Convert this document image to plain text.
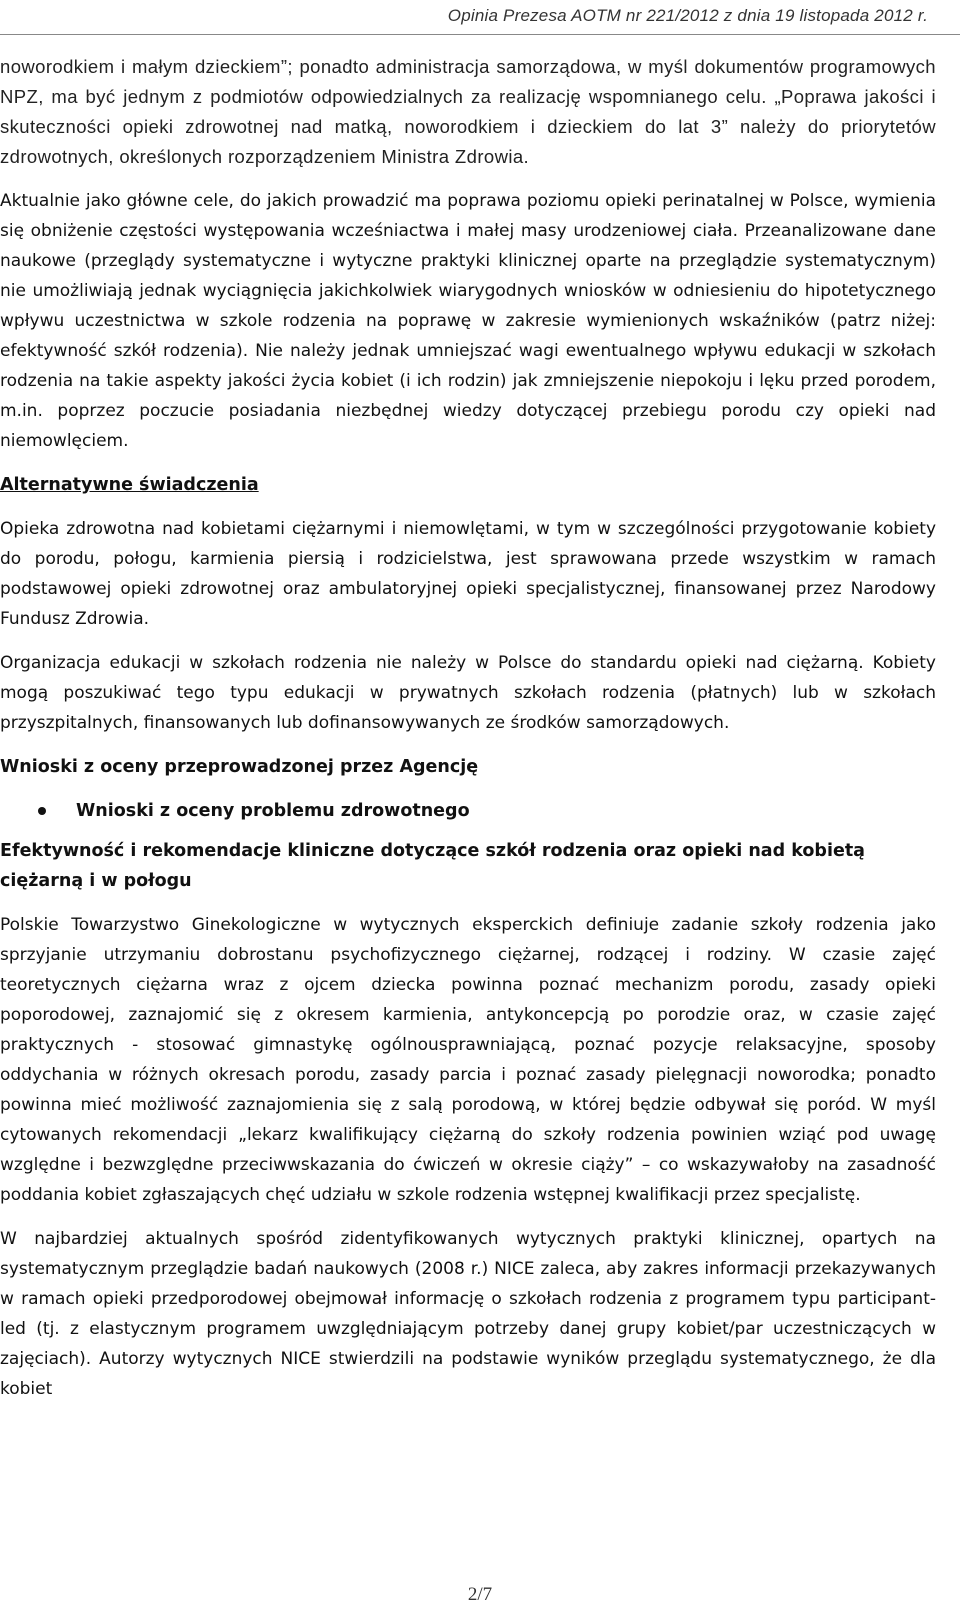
Opinia Prezesa AOTM nr 221/2012 z dnia 19 listopada 2012 r.

noworodkiem i małym dzieckiem”; ponadto administracja samorządowa, w myśl dokumentów programowych NPZ, ma być jednym z podmiotów odpowiedzialnych za realizację wspomnianego celu. „Poprawa jakości i skuteczności opieki zdrowotnej nad matką, noworodkiem i dzieckiem do lat 3” należy do priorytetów zdrowotnych, określonych rozporządzeniem Ministra Zdrowia.

Aktualnie jako główne cele, do jakich prowadzić ma poprawa poziomu opieki perinatalnej w Polsce, wymienia się obniżenie częstości występowania wcześniactwa i małej masy urodzeniowej ciała. Przeanalizowane dane naukowe (przeglądy systematyczne i wytyczne praktyki klinicznej oparte na przeglądzie systematycznym) nie umożliwiają jednak wyciągnięcia jakichkolwiek wiarygodnych wniosków w odniesieniu do hipotetycznego wpływu uczestnictwa w szkole rodzenia na poprawę w zakresie wymienionych wskaźników (patrz niżej: efektywność szkół rodzenia). Nie należy jednak umniejszać wagi ewentualnego wpływu edukacji w szkołach rodzenia na takie aspekty jakości życia kobiet (i ich rodzin) jak zmniejszenie niepokoju i lęku przed porodem, m.in. poprzez poczucie posiadania niezbędnej wiedzy dotyczącej przebiegu porodu czy opieki nad niemowlęciem.

Alternatywne świadczenia

Opieka zdrowotna nad kobietami ciężarnymi i niemowlętami, w tym w szczególności przygotowanie kobiety do porodu, połogu, karmienia piersią i rodzicielstwa, jest sprawowana przede wszystkim w ramach podstawowej opieki zdrowotnej oraz ambulatoryjnej opieki specjalistycznej, finansowanej przez Narodowy Fundusz Zdrowia.

Organizacja edukacji w szkołach rodzenia nie należy w Polsce do standardu opieki nad ciężarną. Kobiety mogą poszukiwać tego typu edukacji w prywatnych szkołach rodzenia (płatnych) lub w szkołach przyszpitalnych, finansowanych lub dofinansowywanych ze środków samorządowych.

Wnioski z oceny przeprowadzonej przez Agencję
Wnioski z oceny problemu zdrowotnego
Efektywność i rekomendacje kliniczne dotyczące szkół rodzenia oraz opieki nad kobietą ciężarną i w połogu

Polskie Towarzystwo Ginekologiczne w wytycznych eksperckich definiuje zadanie szkoły rodzenia jako sprzyjanie utrzymaniu dobrostanu psychofizycznego ciężarnej, rodzącej i rodziny. W czasie zajęć teoretycznych ciężarna wraz z ojcem dziecka powinna poznać mechanizm porodu, zasady opieki poporodowej, zaznajomić się z okresem karmienia, antykoncepcją po porodzie oraz, w czasie zajęć praktycznych - stosować gimnastykę ogólnousprawniającą, poznać pozycje relaksacyjne, sposoby oddychania w różnych okresach porodu, zasady parcia i poznać zasady pielęgnacji noworodka; ponadto powinna mieć możliwość zaznajomienia się z salą porodową, w której będzie odbywał się poród. W myśl cytowanych rekomendacji „lekarz kwalifikujący ciężarną do szkoły rodzenia powinien wziąć pod uwagę względne i bezwzględne przeciwwskazania do ćwiczeń w okresie ciąży” – co wskazywałoby na zasadność poddania kobiet zgłaszających chęć udziału w szkole rodzenia wstępnej kwalifikacji przez specjalistę.

W najbardziej aktualnych spośród zidentyfikowanych wytycznych praktyki klinicznej, opartych na systematycznym przeglądzie badań naukowych (2008 r.) NICE zaleca, aby zakres informacji przekazywanych w ramach opieki przedporodowej obejmował informację o szkołach rodzenia z programem typu participant-led (tj. z elastycznym programem uwzględniającym potrzeby danej grupy kobiet/par uczestniczących w zajęciach). Autorzy wytycznych NICE stwierdzili na podstawie wyników przeglądu systematycznego, że dla kobiet

2/7
